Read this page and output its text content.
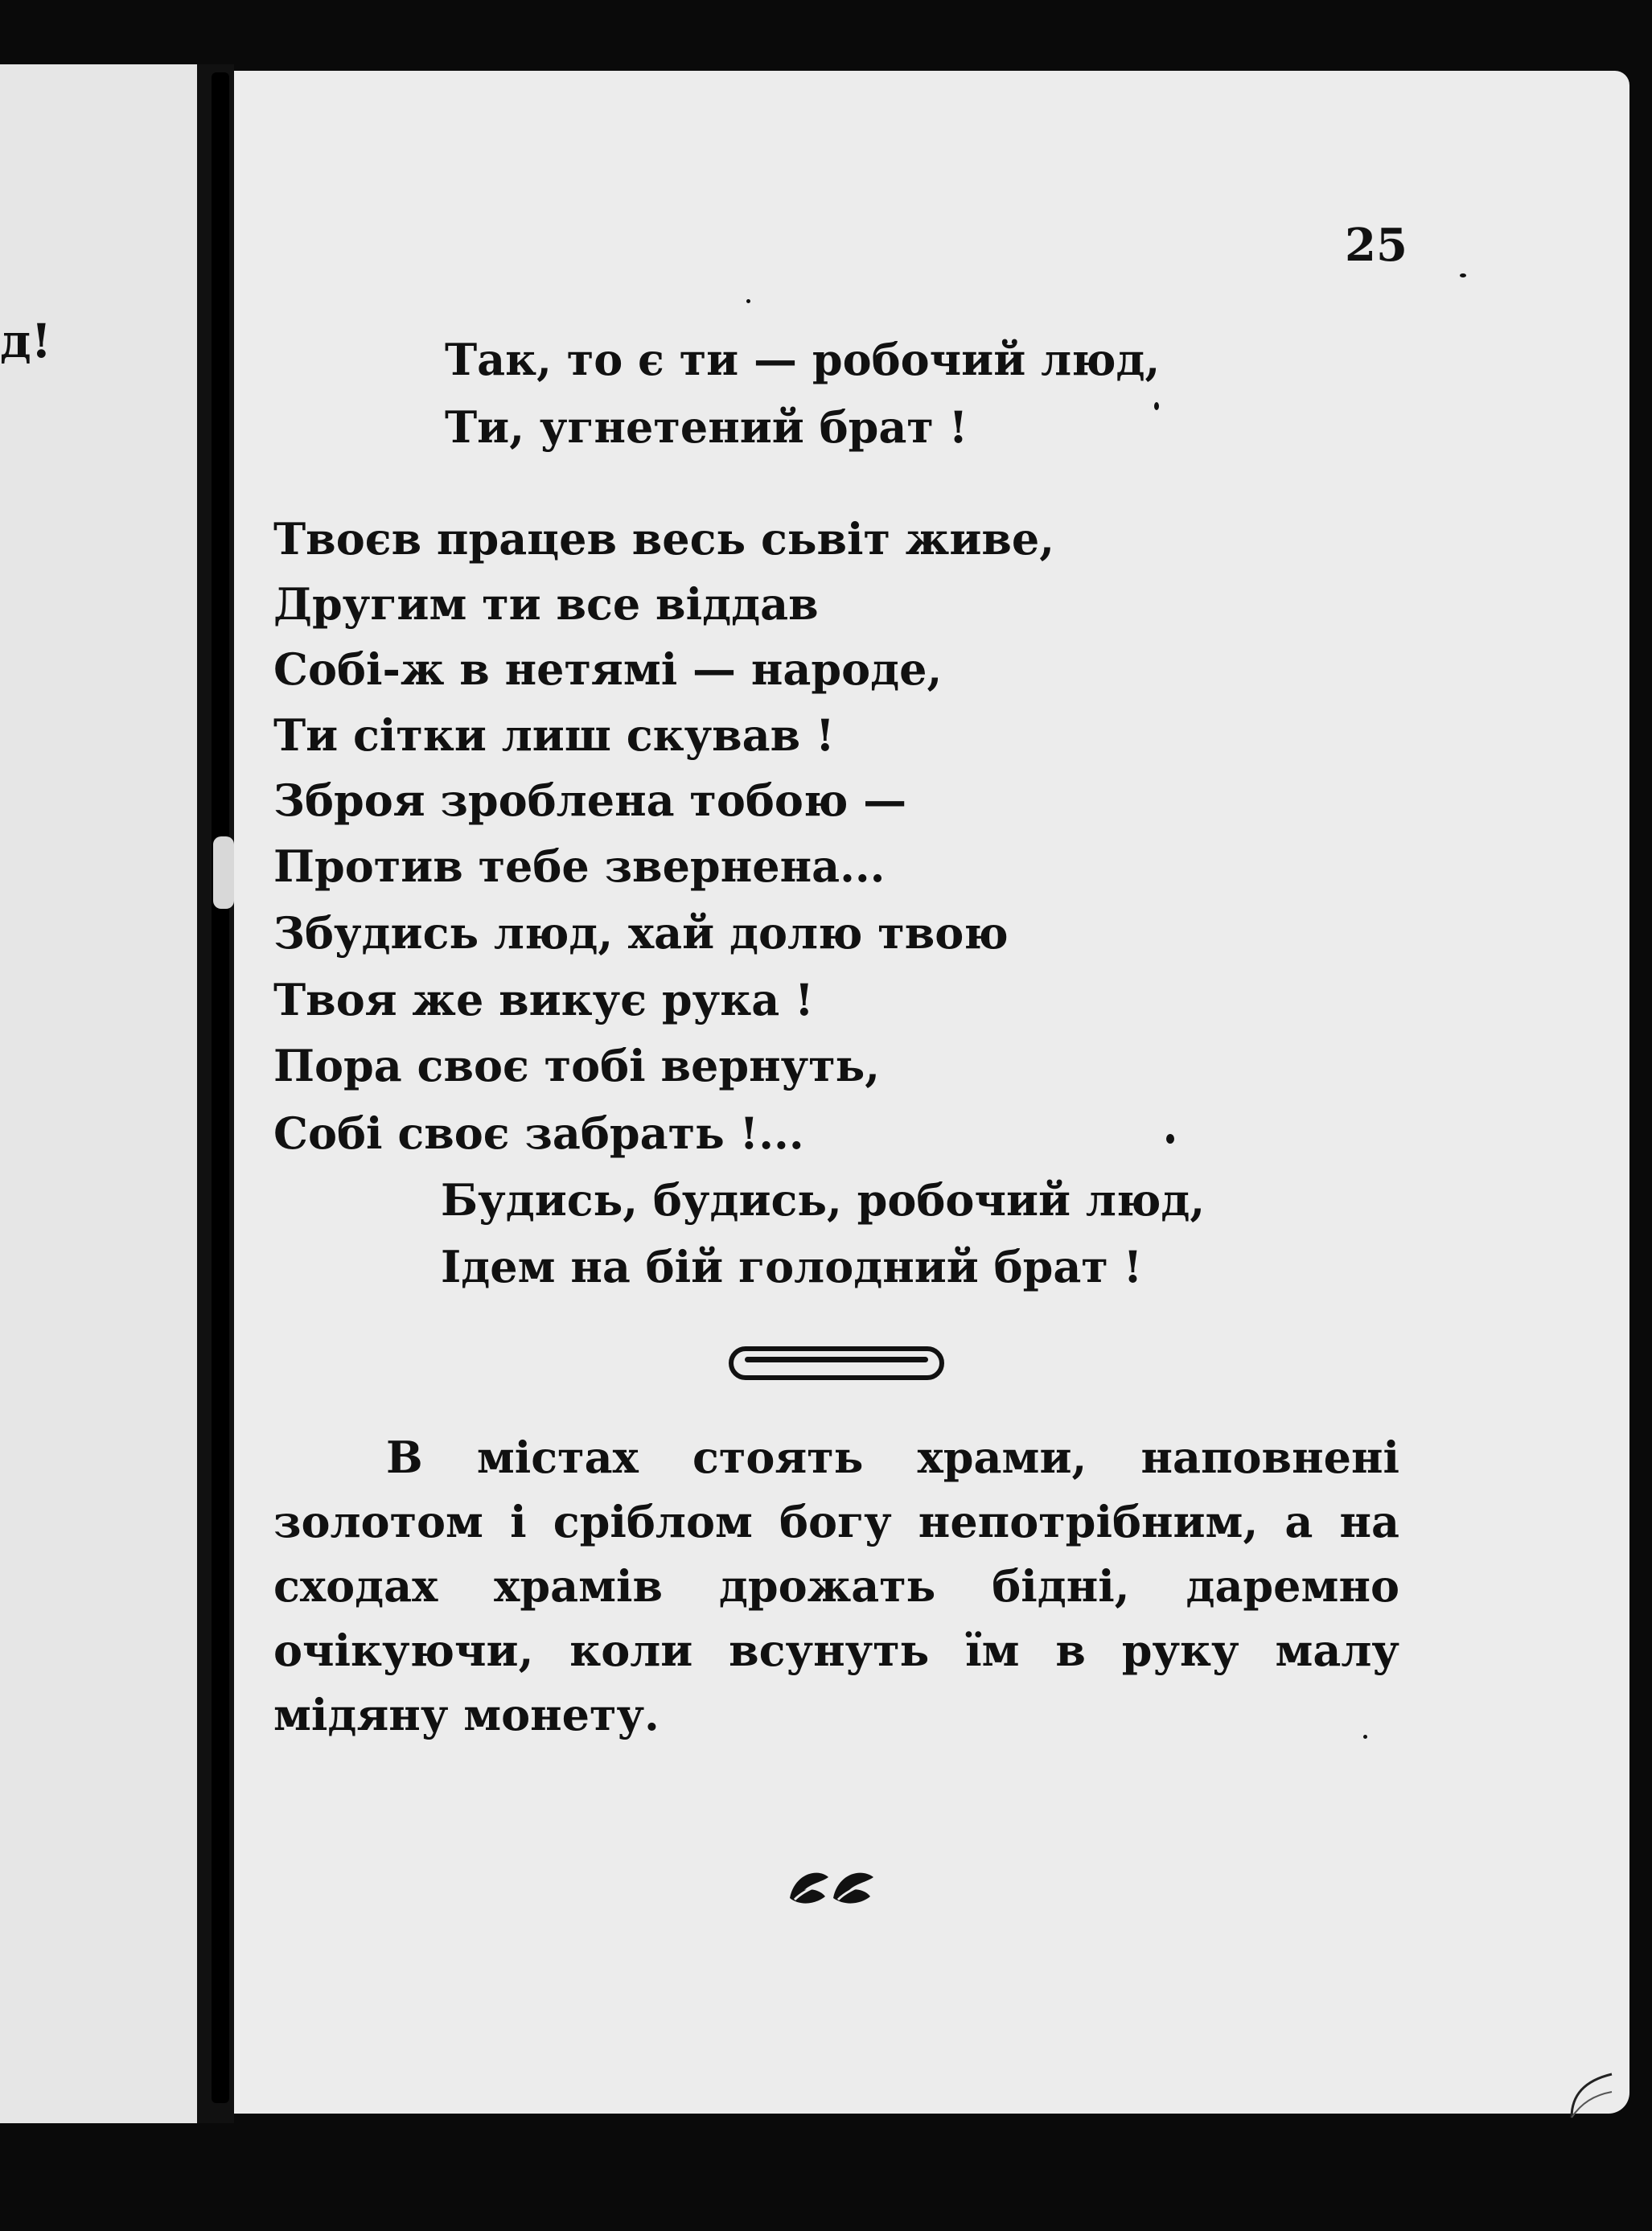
д!
25
Так, то є ти — робочий люд,
Ти, угнетений брат !
Твоєв працев весь сьвіт живе,
Другим ти все віддав
Собі-ж в нетямі — народе,
Ти сітки лиш скував !
Зброя зроблена тобою —
Против тебе звернена...
Збудись люд, хай долю твою
Твоя же викує рука !
Пора своє тобі вернуть,
Собі своє забрать !...
Будись, будись, робочий люд,
Ідем на бій голодний брат !

В містах стоять храми, наповнені золотом і сріблом богу непотрібним, а на сходах храмів дрожать бідні, даремно очікуючи, коли всунуть їм в руку малу мідяну монету.
